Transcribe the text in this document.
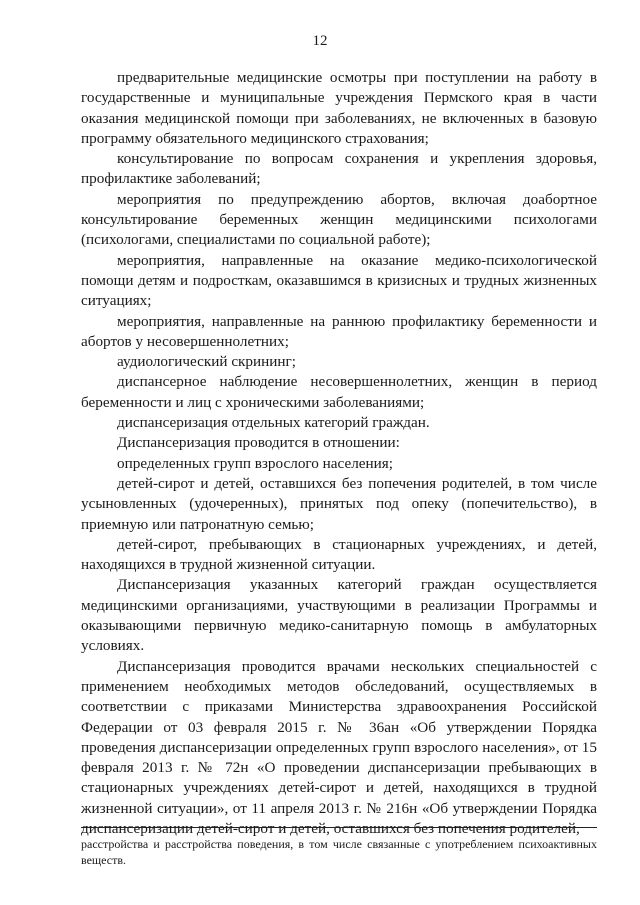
12

предварительные медицинские осмотры при поступлении на работу в государственные и муниципальные учреждения Пермского края в части оказания медицинской помощи при заболеваниях, не включенных в базовую программу обязательного медицинского страхования;

консультирование по вопросам сохранения и укрепления здоровья, профилактике заболеваний;

мероприятия по предупреждению абортов, включая доабортное консультирование беременных женщин медицинскими психологами (психологами, специалистами по социальной работе);

мероприятия, направленные на оказание медико-психологической помощи детям и подросткам, оказавшимся в кризисных и трудных жизненных ситуациях;

мероприятия, направленные на раннюю профилактику беременности и абортов у несовершеннолетних;

аудиологический скрининг;

диспансерное наблюдение несовершеннолетних, женщин в период беременности и лиц с хроническими заболеваниями;

диспансеризация отдельных категорий граждан.

Диспансеризация проводится в отношении:

определенных групп взрослого населения;

детей-сирот и детей, оставшихся без попечения родителей, в том числе усыновленных (удочеренных), принятых под опеку (попечительство), в приемную или патронатную семью;

детей-сирот, пребывающих в стационарных учреждениях, и детей, находящихся в трудной жизненной ситуации.

Диспансеризация указанных категорий граждан осуществляется медицинскими организациями, участвующими в реализации Программы и оказывающими первичную медико-санитарную помощь в амбулаторных условиях.

Диспансеризация проводится врачами нескольких специальностей с применением необходимых методов обследований, осуществляемых в соответствии с приказами Министерства здравоохранения Российской Федерации от 03 февраля 2015 г. № 36ан «Об утверждении Порядка проведения диспансеризации определенных групп взрослого населения», от 15 февраля 2013 г. № 72н «О проведении диспансеризации пребывающих в стационарных учреждениях детей-сирот и детей, находящихся в трудной жизненной ситуации», от 11 апреля 2013 г. № 216н «Об утверждении Порядка диспансеризации детей-сирот и детей, оставшихся без попечения родителей,

расстройства и расстройства поведения, в том числе связанные с употреблением психоактивных веществ.
